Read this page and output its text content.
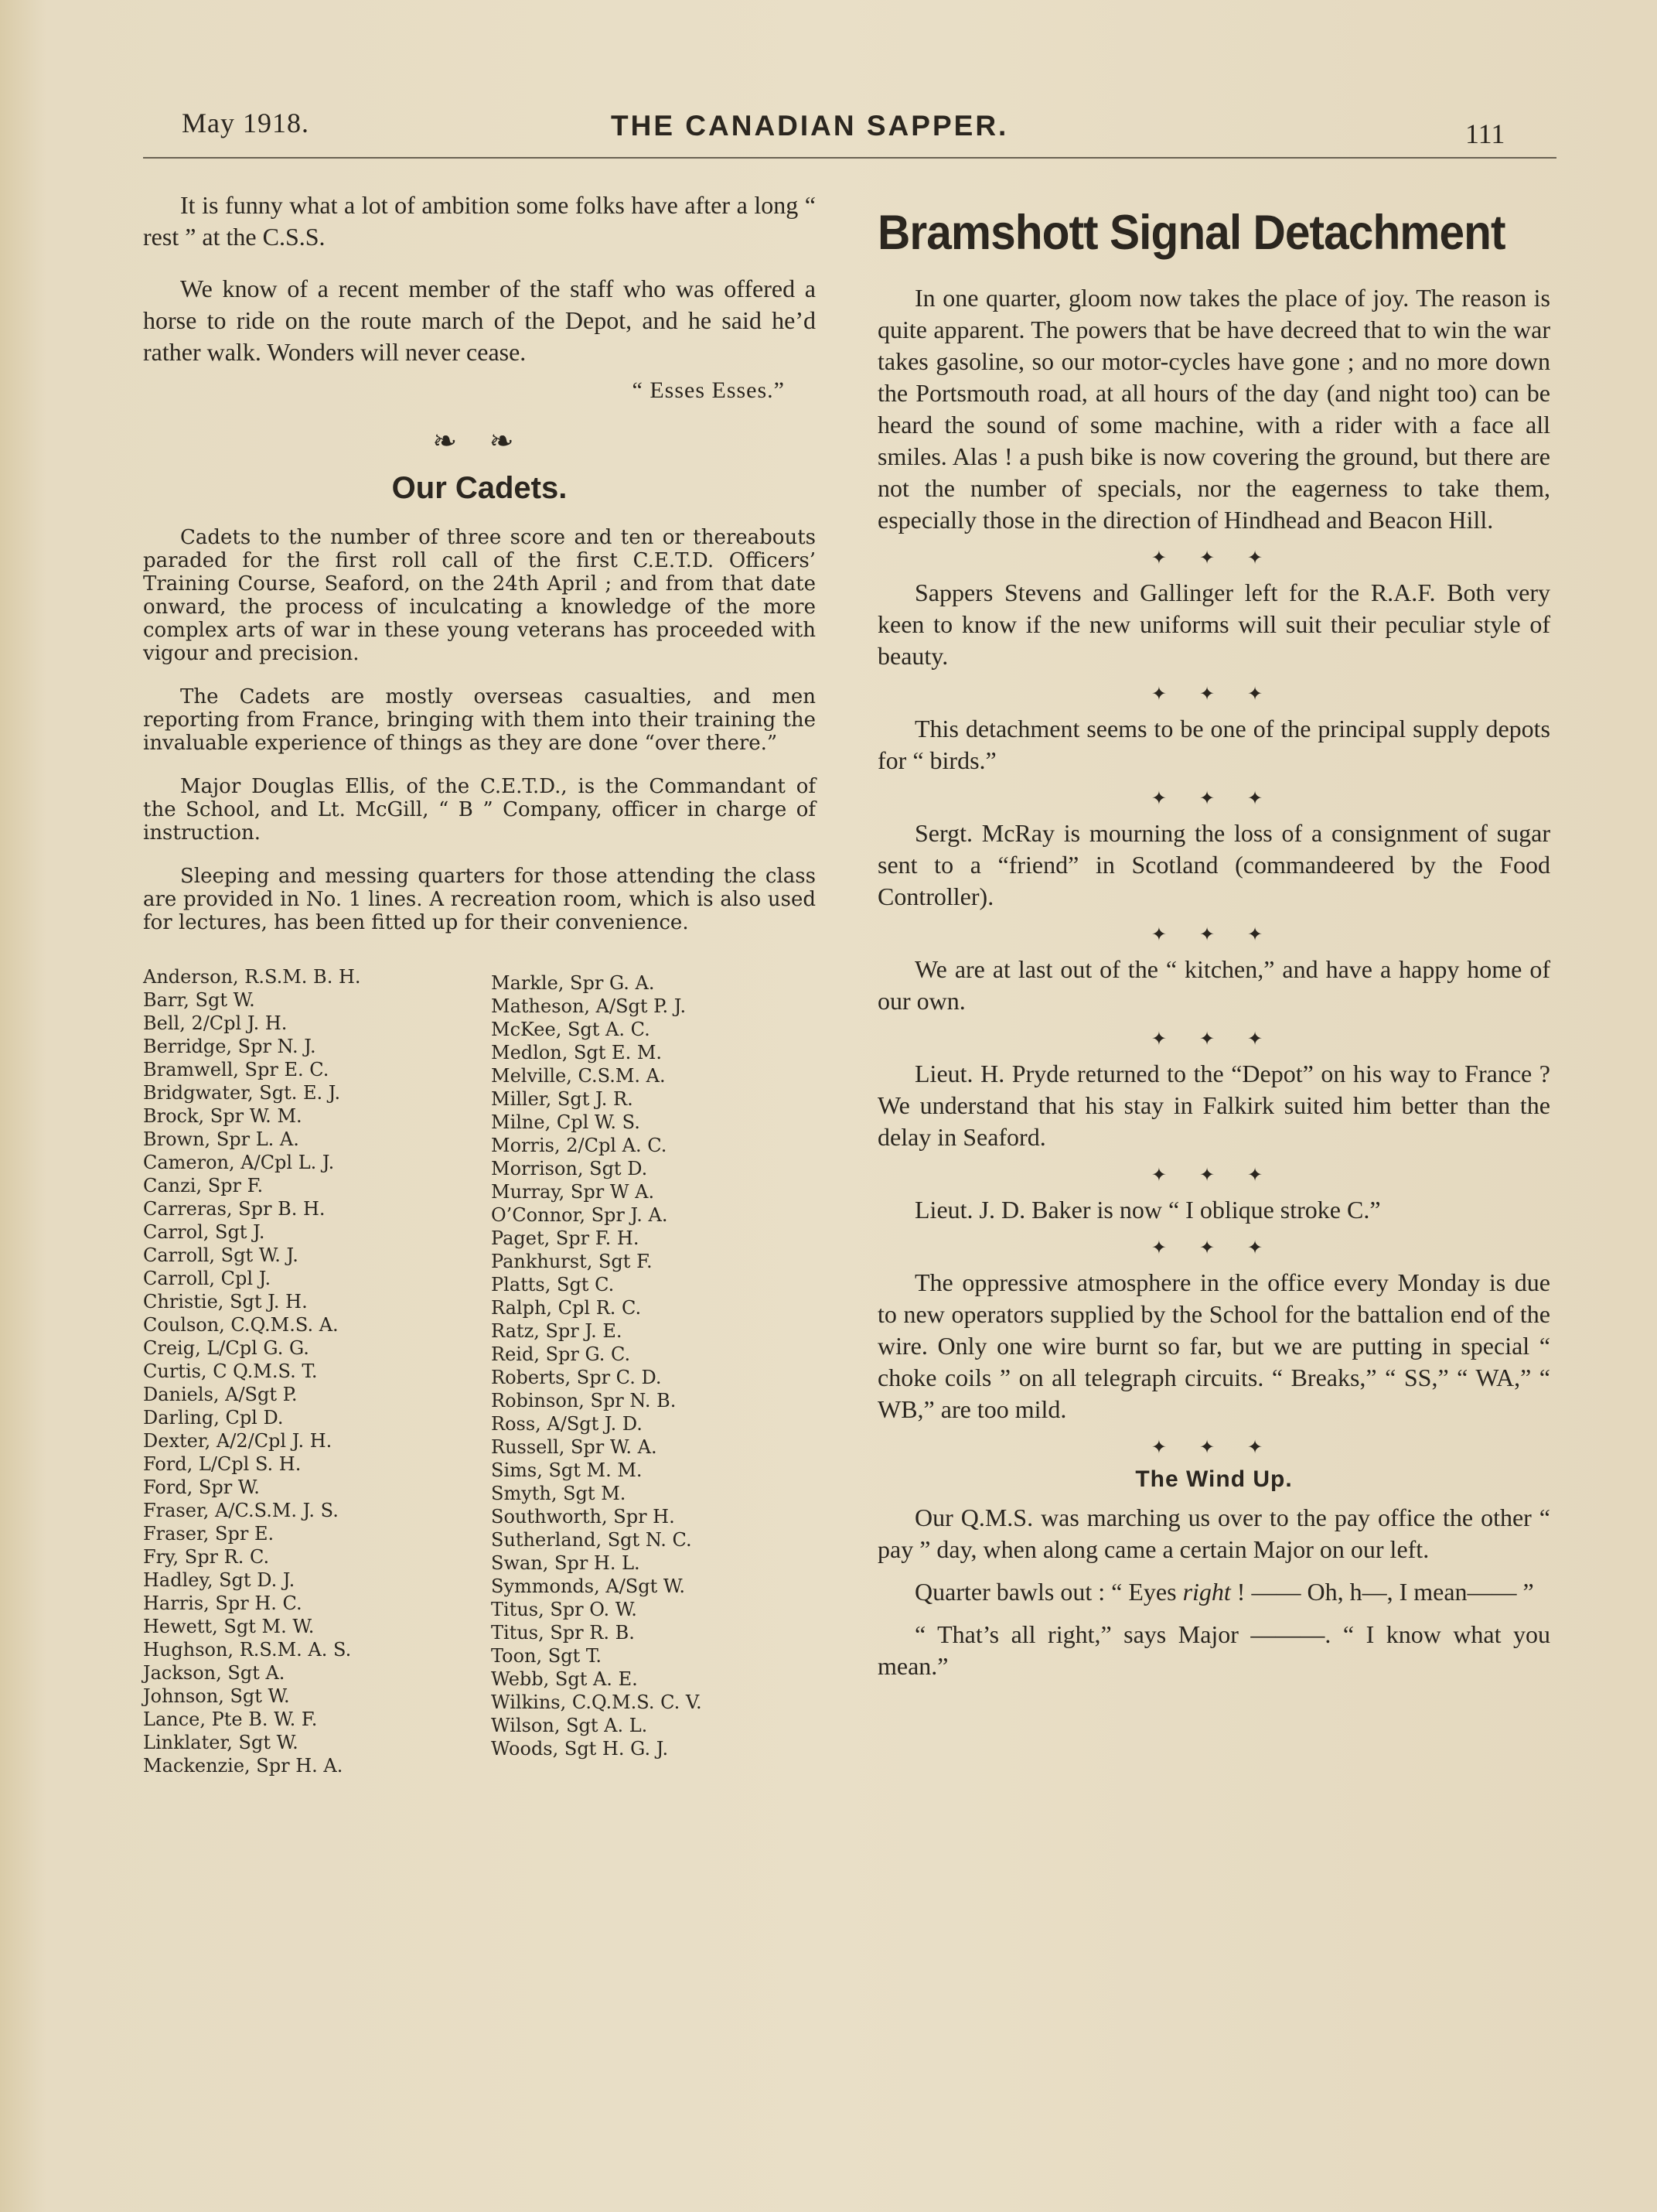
May 1918.	THE CANADIAN SAPPER.	111

It is funny what a lot of ambition some folks have after a long “ rest ” at the C.S.S.

We know of a recent member of the staff who was offered a horse to ride on the route march of the Depot, and he said he’d rather walk. Wonders will never cease.

“ Esses Esses.”

❧ ❧
Our Cadets.

Cadets to the number of three score and ten or thereabouts paraded for the first roll call of the first C.E.T.D. Officers’ Training Course, Seaford, on the 24th April ; and from that date onward, the process of inculcating a knowledge of the more complex arts of war in these young veterans has proceeded with vigour and precision.

The Cadets are mostly overseas casualties, and men reporting from France, bringing with them into their training the invaluable experience of things as they are done “over there.”

Major Douglas Ellis, of the C.E.T.D., is the Commandant of the School, and Lt. McGill, “ B ” Company, officer in charge of instruction.

Sleeping and messing quarters for those attending the class are provided in No. 1 lines. A recreation room, which is also used for lectures, has been fitted up for their convenience.

Anderson, R.S.M. B. H.
Barr, Sgt W.
Bell, 2/Cpl J. H.
Berridge, Spr N. J.
Bramwell, Spr E. C.
Bridgwater, Sgt. E. J.
Brock, Spr W. M.
Brown, Spr L. A.
Cameron, A/Cpl L. J.
Canzi, Spr F.
Carreras, Spr B. H.
Carrol, Sgt J.
Carroll, Sgt W. J.
Carroll, Cpl J.
Christie, Sgt J. H.
Coulson, C.Q.M.S. A.
Creig, L/Cpl G. G.
Curtis, C Q.M.S. T.
Daniels, A/Sgt P.
Darling, Cpl D.
Dexter, A/2/Cpl J. H.
Ford, L/Cpl S. H.
Ford, Spr W.
Fraser, A/C.S.M. J. S.
Fraser, Spr E.
Fry, Spr R. C.
Hadley, Sgt D. J.
Harris, Spr H. C.
Hewett, Sgt M. W.
Hughson, R.S.M. A. S.
Jackson, Sgt A.
Johnson, Sgt W.
Lance, Pte B. W. F.
Linklater, Sgt W.
Mackenzie, Spr H. A.
Markle, Spr G. A.
Matheson, A/Sgt P. J.
McKee, Sgt A. C.
Medlon, Sgt E. M.
Melville, C.S.M. A.
Miller, Sgt J. R.
Milne, Cpl W. S.
Morris, 2/Cpl A. C.
Morrison, Sgt D.
Murray, Spr W A.
O’Connor, Spr J. A.
Paget, Spr F. H.
Pankhurst, Sgt F.
Platts, Sgt C.
Ralph, Cpl R. C.
Ratz, Spr J. E.
Reid, Spr G. C.
Roberts, Spr C. D.
Robinson, Spr N. B.
Ross, A/Sgt J. D.
Russell, Spr W. A.
Sims, Sgt M. M.
Smyth, Sgt M.
Southworth, Spr H.
Sutherland, Sgt N. C.
Swan, Spr H. L.
Symmonds, A/Sgt W.
Titus, Spr O. W.
Titus, Spr R. B.
Toon, Sgt T.
Webb, Sgt A. E.
Wilkins, C.Q.M.S. C. V.
Wilson, Sgt A. L.
Woods, Sgt H. G. J.
Bramshott Signal Detachment

In one quarter, gloom now takes the place of joy. The reason is quite apparent. The powers that be have decreed that to win the war takes gasoline, so our motor-cycles have gone ; and no more down the Portsmouth road, at all hours of the day (and night too) can be heard the sound of some machine, with a rider with a face all smiles. Alas ! a push bike is now covering the ground, but there are not the number of specials, nor the eagerness to take them, especially those in the direction of Hindhead and Beacon Hill.

✦ ✦ ✦

Sappers Stevens and Gallinger left for the R.A.F. Both very keen to know if the new uniforms will suit their peculiar style of beauty.

✦ ✦ ✦

This detachment seems to be one of the principal supply depots for “ birds.”

✦ ✦ ✦

Sergt. McRay is mourning the loss of a consignment of sugar sent to a “friend” in Scotland (commandeered by the Food Controller).

✦ ✦ ✦

We are at last out of the “ kitchen,” and have a happy home of our own.

✦ ✦ ✦

Lieut. H. Pryde returned to the “Depot” on his way to France ? We understand that his stay in Falkirk suited him better than the delay in Seaford.

✦ ✦ ✦

Lieut. J. D. Baker is now “ I oblique stroke C.”

✦ ✦ ✦

The oppressive atmosphere in the office every Monday is due to new operators supplied by the School for the battalion end of the wire. Only one wire burnt so far, but we are putting in special “ choke coils ” on all telegraph circuits. “ Breaks,” “ SS,” “ WA,” “ WB,” are too mild.

✦ ✦ ✦
The Wind Up.

Our Q.M.S. was marching us over to the pay office the other “ pay ” day, when along came a certain Major on our left.

Quarter bawls out : “ Eyes right ! —— Oh, h—, I mean—— ”

“ That’s all right,” says Major ———. “ I know what you mean.”
